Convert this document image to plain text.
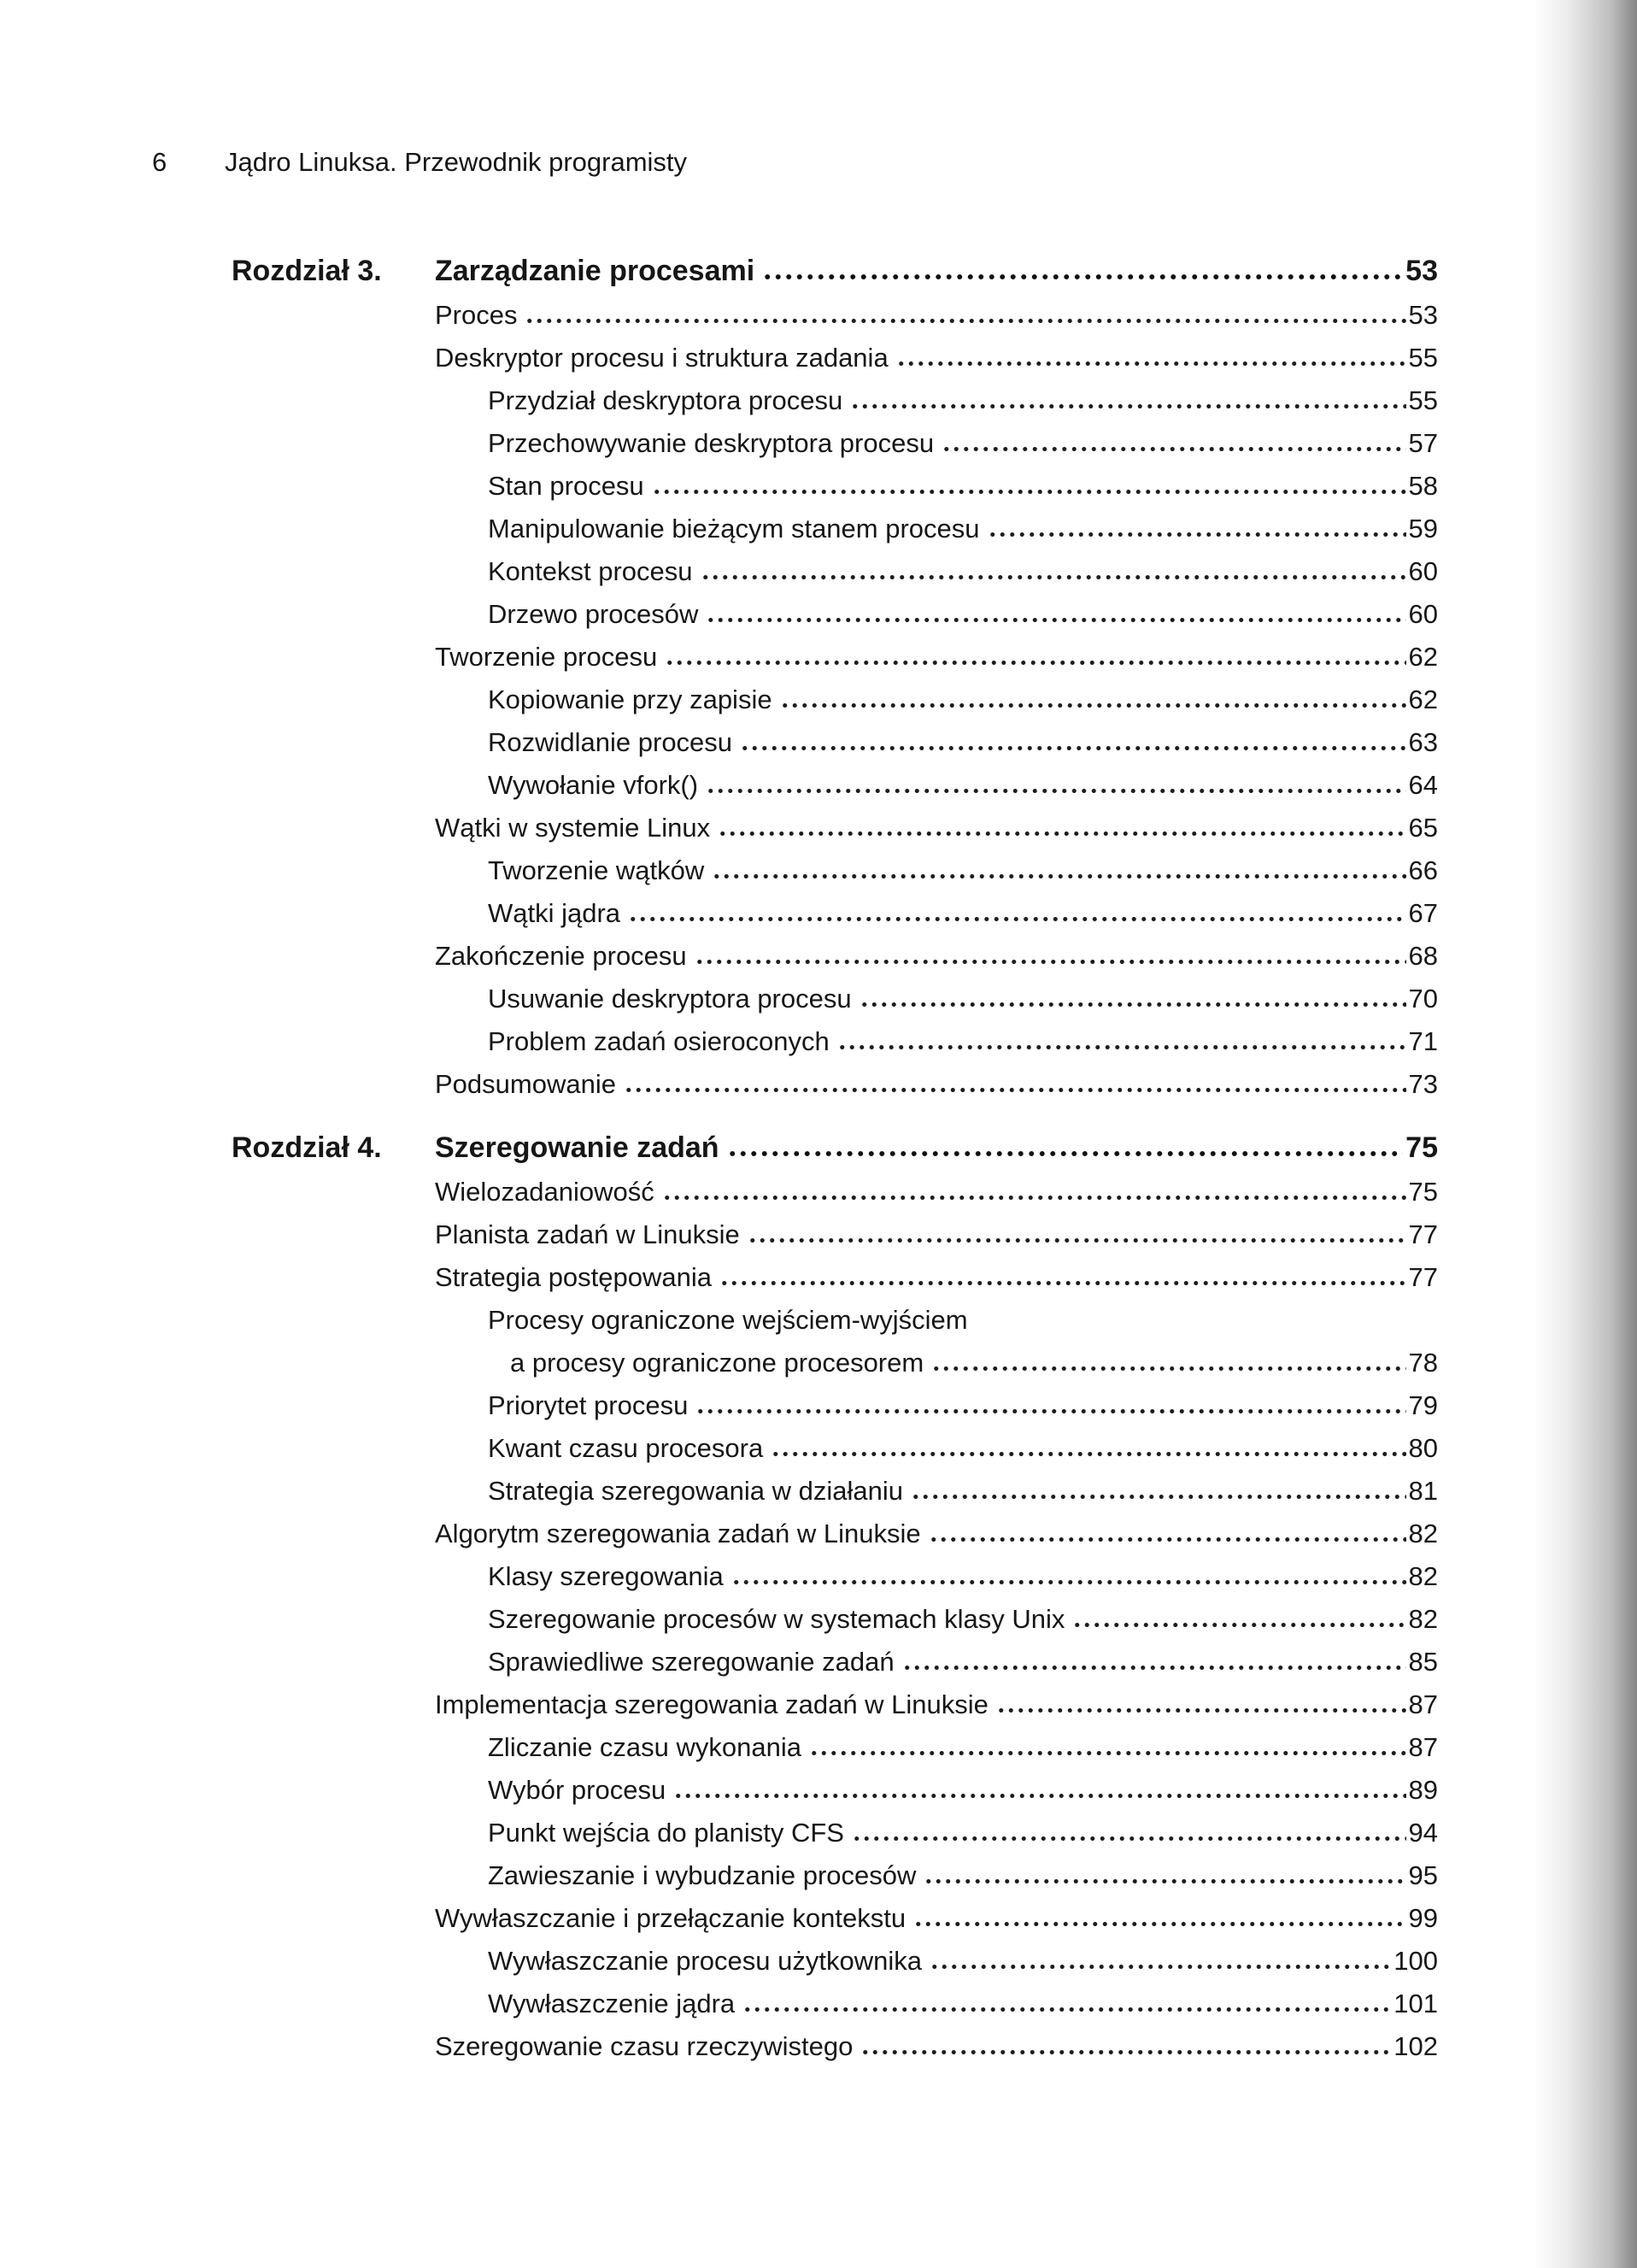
6	Jądro Linuksa. Przewodnik programisty
Rozdział 3.	Zarządzanie procesami	53
Proces	53
Deskryptor procesu i struktura zadania	55
Przydział deskryptora procesu	55
Przechowywanie deskryptora procesu	57
Stan procesu	58
Manipulowanie bieżącym stanem procesu	59
Kontekst procesu	60
Drzewo procesów	60
Tworzenie procesu	62
Kopiowanie przy zapisie	62
Rozwidlanie procesu	63
Wywołanie vfork()	64
Wątki w systemie Linux	65
Tworzenie wątków	66
Wątki jądra	67
Zakończenie procesu	68
Usuwanie deskryptora procesu	70
Problem zadań osieroconych	71
Podsumowanie	73
Rozdział 4.	Szeregowanie zadań	75
Wielozadaniowość	75
Planista zadań w Linuksie	77
Strategia postępowania	77
Procesy ograniczone wejściem-wyjściem
a procesy ograniczone procesorem	78
Priorytet procesu	79
Kwant czasu procesora	80
Strategia szeregowania w działaniu	81
Algorytm szeregowania zadań w Linuksie	82
Klasy szeregowania	82
Szeregowanie procesów w systemach klasy Unix	82
Sprawiedliwe szeregowanie zadań	85
Implementacja szeregowania zadań w Linuksie	87
Zliczanie czasu wykonania	87
Wybór procesu	89
Punkt wejścia do planisty CFS	94
Zawieszanie i wybudzanie procesów	95
Wywłaszczanie i przełączanie kontekstu	99
Wywłaszczanie procesu użytkownika	100
Wywłaszczenie jądra	101
Szeregowanie czasu rzeczywistego	102
